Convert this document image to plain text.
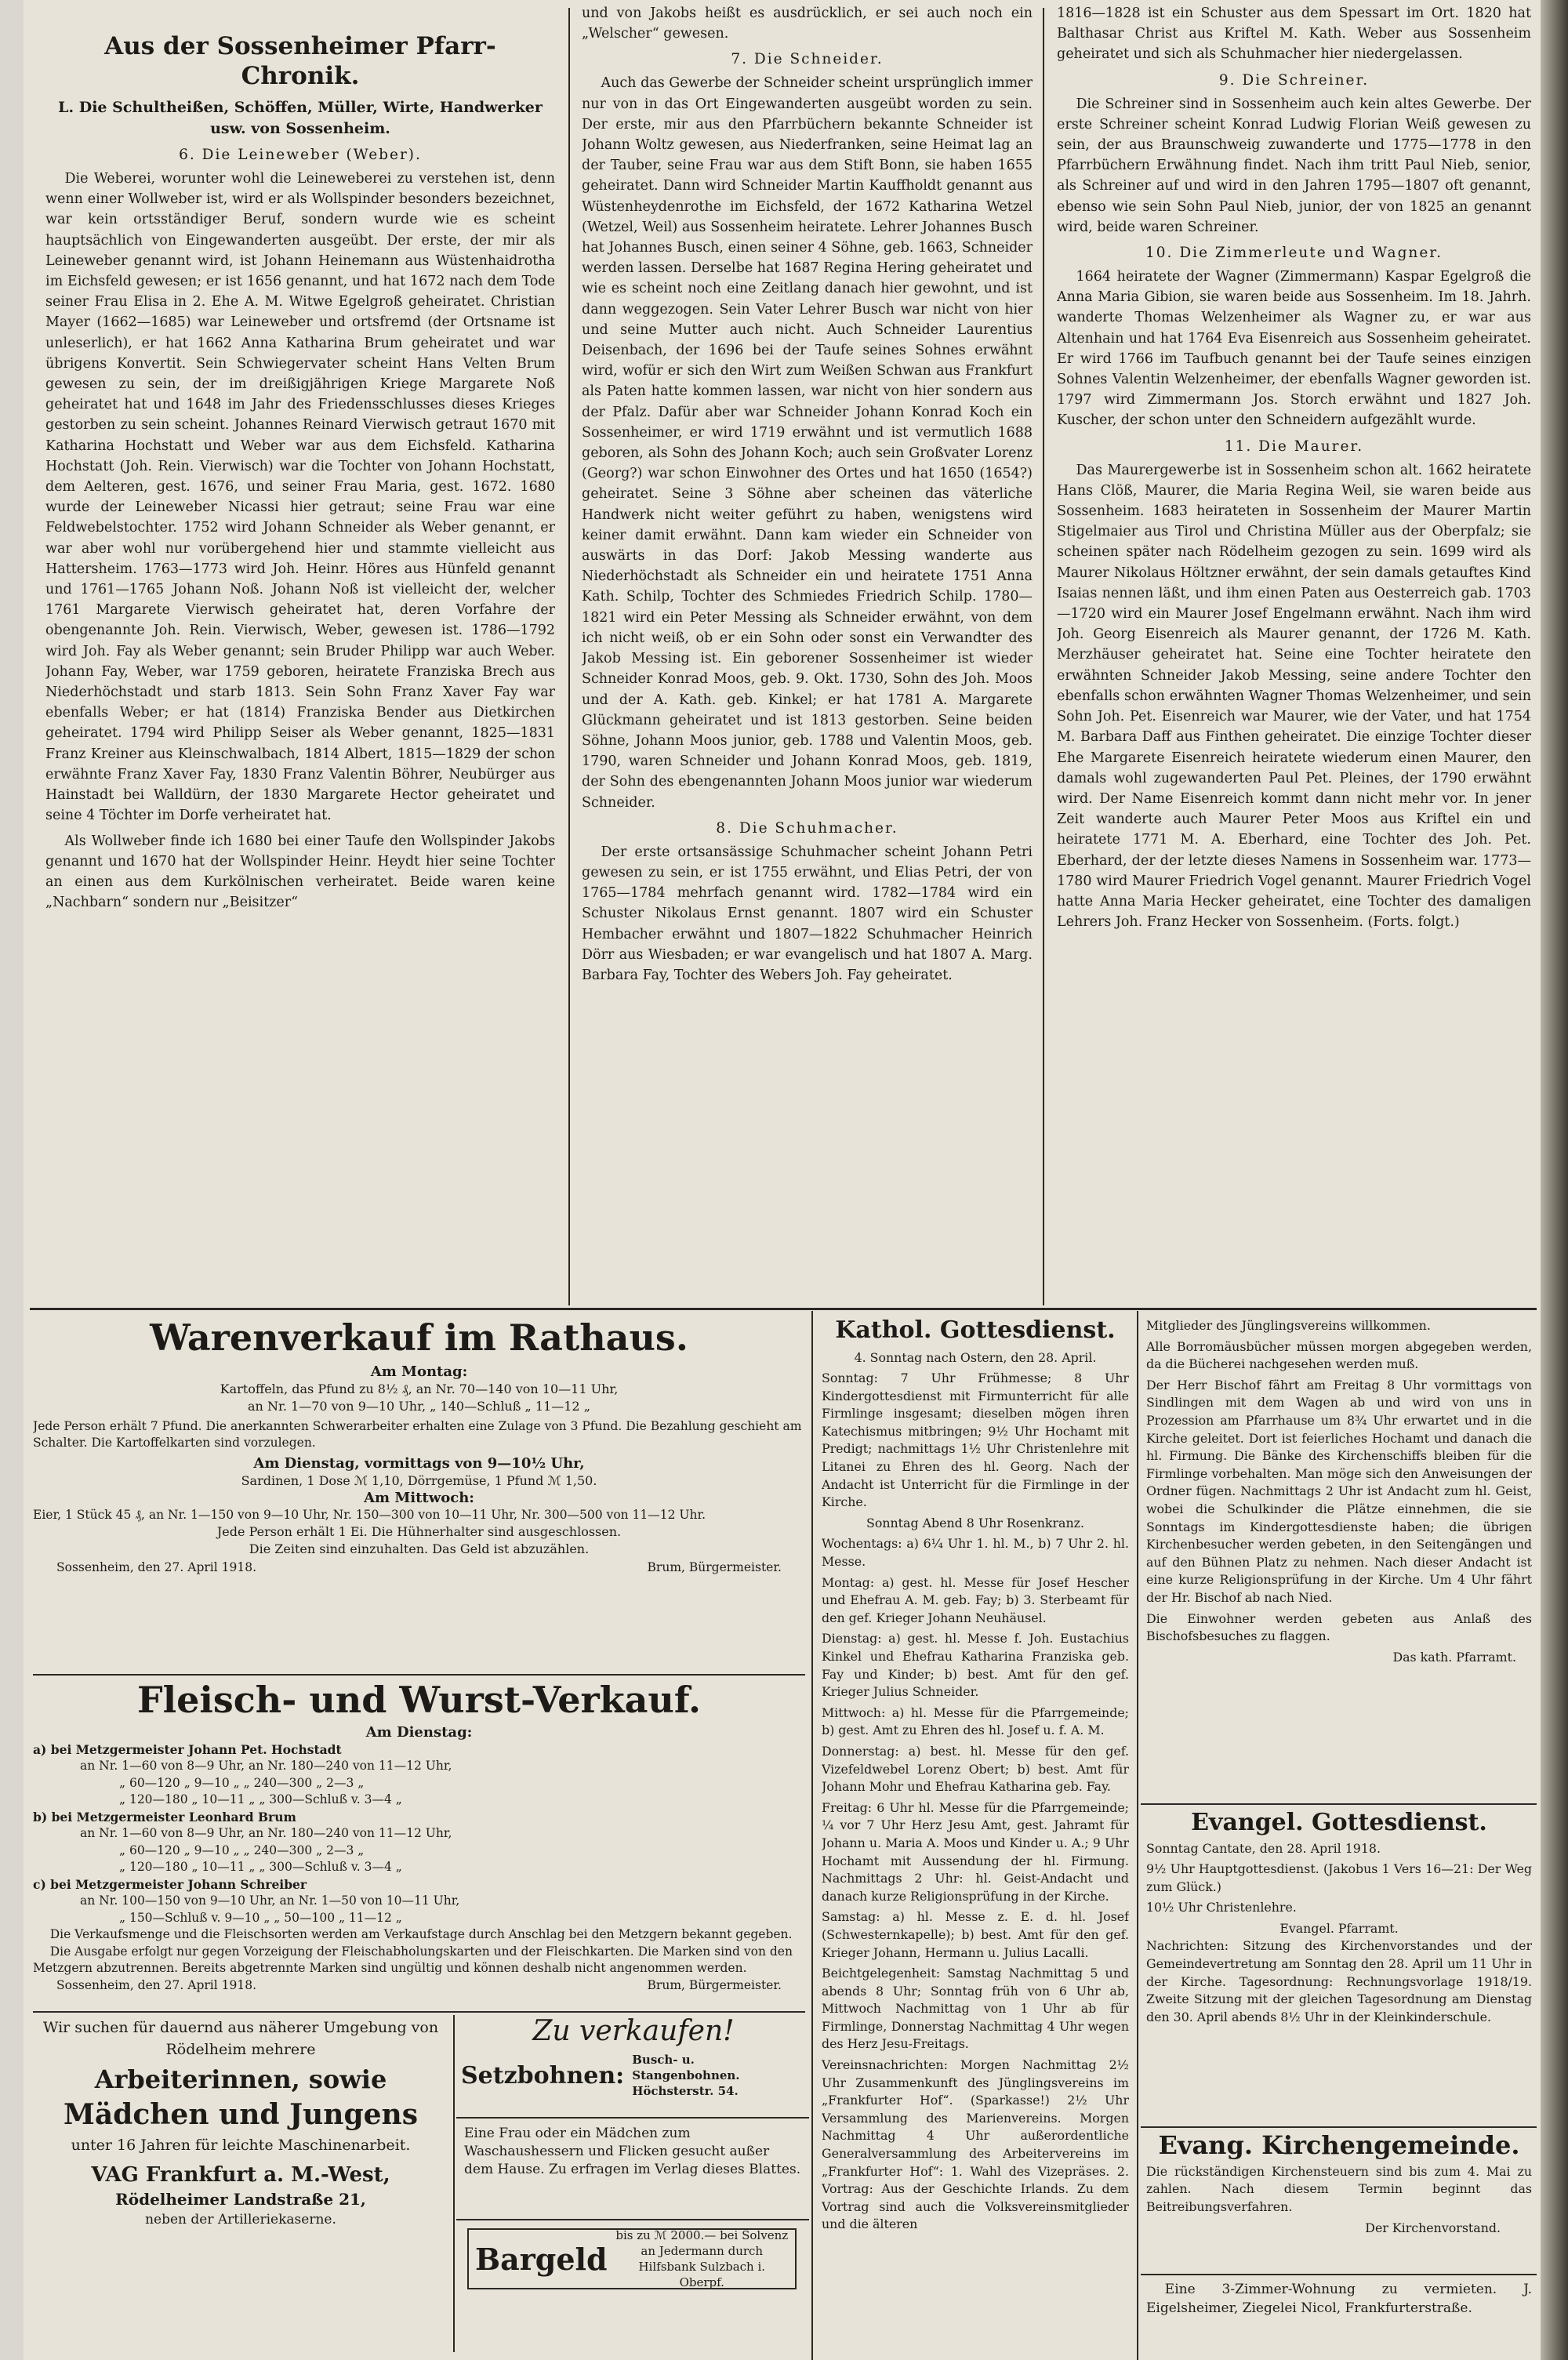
Aus der Sossenheimer Pfarr-Chronik.
L. Die Schultheißen, Schöffen, Müller, Wirte, Handwerker usw. von Sossenheim.
6. Die Leineweber (Weber).

Die Weberei, worunter wohl die Leineweberei zu verstehen ist, denn wenn einer Wollweber ist, wird er als Wollspinder besonders bezeichnet, war kein ortsständiger Beruf, sondern wurde wie es scheint hauptsächlich von Eingewanderten ausgeübt. Der erste, der mir als Leineweber genannt wird, ist Johann Heinemann aus Wüstenhaidrotha im Eichsfeld gewesen; er ist 1656 genannt, und hat 1672 nach dem Tode seiner Frau Elisa in 2. Ehe A. M. Witwe Egelgroß geheiratet. Christian Mayer (1662—1685) war Leineweber und ortsfremd (der Ortsname ist unleserlich), er hat 1662 Anna Katharina Brum geheiratet und war übrigens Konvertit. Sein Schwiegervater scheint Hans Velten Brum gewesen zu sein, der im dreißigjährigen Kriege Margarete Noß geheiratet hat und 1648 im Jahr des Friedensschlusses dieses Krieges gestorben zu sein scheint. Johannes Reinard Vierwisch getraut 1670 mit Katharina Hochstatt und Weber war aus dem Eichsfeld. Katharina Hochstatt (Joh. Rein. Vierwisch) war die Tochter von Johann Hochstatt, dem Aelteren, gest. 1676, und seiner Frau Maria, gest. 1672. 1680 wurde der Leineweber Nicassi hier getraut; seine Frau war eine Feldwebelstochter. 1752 wird Johann Schneider als Weber genannt, er war aber wohl nur vorübergehend hier und stammte vielleicht aus Hattersheim. 1763—1773 wird Joh. Heinr. Höres aus Hünfeld genannt und 1761—1765 Johann Noß. Johann Noß ist vielleicht der, welcher 1761 Margarete Vierwisch geheiratet hat, deren Vorfahre der obengenannte Joh. Rein. Vierwisch, Weber, gewesen ist. 1786—1792 wird Joh. Fay als Weber genannt; sein Bruder Philipp war auch Weber. Johann Fay, Weber, war 1759 geboren, heiratete Franziska Brech aus Niederhöchstadt und starb 1813. Sein Sohn Franz Xaver Fay war ebenfalls Weber; er hat (1814) Franziska Bender aus Dietkirchen geheiratet. 1794 wird Philipp Seiser als Weber genannt, 1825—1831 Franz Kreiner aus Kleinschwalbach, 1814 Albert, 1815—1829 der schon erwähnte Franz Xaver Fay, 1830 Franz Valentin Böhrer, Neubürger aus Hainstadt bei Walldürn, der 1830 Margarete Hector geheiratet und seine 4 Töchter im Dorfe verheiratet hat.

Als Wollweber finde ich 1680 bei einer Taufe den Wollspinder Jakobs genannt und 1670 hat der Wollspinder Heinr. Heydt hier seine Tochter an einen aus dem Kurkölnischen verheiratet. Beide waren keine „Nachbarn“ sondern nur „Beisitzer“

und von Jakobs heißt es ausdrücklich, er sei auch noch ein „Welscher“ gewesen.

7. Die Schneider.

Auch das Gewerbe der Schneider scheint ursprünglich immer nur von in das Ort Eingewanderten ausgeübt worden zu sein. Der erste, mir aus den Pfarrbüchern bekannte Schneider ist Johann Woltz gewesen, aus Niederfranken, seine Heimat lag an der Tauber, seine Frau war aus dem Stift Bonn, sie haben 1655 geheiratet. Dann wird Schneider Martin Kauffholdt genannt aus Wüstenheydenrothe im Eichsfeld, der 1672 Katharina Wetzel (Wetzel, Weil) aus Sossenheim heiratete. Lehrer Johannes Busch hat Johannes Busch, einen seiner 4 Söhne, geb. 1663, Schneider werden lassen. Derselbe hat 1687 Regina Hering geheiratet und wie es scheint noch eine Zeitlang danach hier gewohnt, und ist dann weggezogen. Sein Vater Lehrer Busch war nicht von hier und seine Mutter auch nicht. Auch Schneider Laurentius Deisenbach, der 1696 bei der Taufe seines Sohnes erwähnt wird, wofür er sich den Wirt zum Weißen Schwan aus Frankfurt als Paten hatte kommen lassen, war nicht von hier sondern aus der Pfalz. Dafür aber war Schneider Johann Konrad Koch ein Sossenheimer, er wird 1719 erwähnt und ist vermutlich 1688 geboren, als Sohn des Johann Koch; auch sein Großvater Lorenz (Georg?) war schon Einwohner des Ortes und hat 1650 (1654?) geheiratet. Seine 3 Söhne aber scheinen das väterliche Handwerk nicht weiter geführt zu haben, wenigstens wird keiner damit erwähnt. Dann kam wieder ein Schneider von auswärts in das Dorf: Jakob Messing wanderte aus Niederhöchstadt als Schneider ein und heiratete 1751 Anna Kath. Schilp, Tochter des Schmiedes Friedrich Schilp. 1780—1821 wird ein Peter Messing als Schneider erwähnt, von dem ich nicht weiß, ob er ein Sohn oder sonst ein Verwandter des Jakob Messing ist. Ein geborener Sossenheimer ist wieder Schneider Konrad Moos, geb. 9. Okt. 1730, Sohn des Joh. Moos und der A. Kath. geb. Kinkel; er hat 1781 A. Margarete Glückmann geheiratet und ist 1813 gestorben. Seine beiden Söhne, Johann Moos junior, geb. 1788 und Valentin Moos, geb. 1790, waren Schneider und Johann Konrad Moos, geb. 1819, der Sohn des ebengenannten Johann Moos junior war wiederum Schneider.

8. Die Schuhmacher.

Der erste ortsansässige Schuhmacher scheint Johann Petri gewesen zu sein, er ist 1755 erwähnt, und Elias Petri, der von 1765—1784 mehrfach genannt wird. 1782—1784 wird ein Schuster Nikolaus Ernst genannt. 1807 wird ein Schuster Hembacher erwähnt und 1807—1822 Schuhmacher Heinrich Dörr aus Wiesbaden; er war evangelisch und hat 1807 A. Marg. Barbara Fay, Tochter des Webers Joh. Fay geheiratet.

1816—1828 ist ein Schuster aus dem Spessart im Ort. 1820 hat Balthasar Christ aus Kriftel M. Kath. Weber aus Sossenheim geheiratet und sich als Schuhmacher hier niedergelassen.

9. Die Schreiner.

Die Schreiner sind in Sossenheim auch kein altes Gewerbe. Der erste Schreiner scheint Konrad Ludwig Florian Weiß gewesen zu sein, der aus Braunschweig zuwanderte und 1775—1778 in den Pfarrbüchern Erwähnung findet. Nach ihm tritt Paul Nieb, senior, als Schreiner auf und wird in den Jahren 1795—1807 oft genannt, ebenso wie sein Sohn Paul Nieb, junior, der von 1825 an genannt wird, beide waren Schreiner.

10. Die Zimmerleute und Wagner.

1664 heiratete der Wagner (Zimmermann) Kaspar Egelgroß die Anna Maria Gibion, sie waren beide aus Sossenheim. Im 18. Jahrh. wanderte Thomas Welzenheimer als Wagner zu, er war aus Altenhain und hat 1764 Eva Eisenreich aus Sossenheim geheiratet. Er wird 1766 im Taufbuch genannt bei der Taufe seines einzigen Sohnes Valentin Welzenheimer, der ebenfalls Wagner geworden ist. 1797 wird Zimmermann Jos. Storch erwähnt und 1827 Joh. Kuscher, der schon unter den Schneidern aufgezählt wurde.

11. Die Maurer.

Das Maurergewerbe ist in Sossenheim schon alt. 1662 heiratete Hans Clöß, Maurer, die Maria Regina Weil, sie waren beide aus Sossenheim. 1683 heirateten in Sossenheim der Maurer Martin Stigelmaier aus Tirol und Christina Müller aus der Oberpfalz; sie scheinen später nach Rödelheim gezogen zu sein. 1699 wird als Maurer Nikolaus Höltzner erwähnt, der sein damals getauftes Kind Isaias nennen läßt, und ihm einen Paten aus Oesterreich gab. 1703—1720 wird ein Maurer Josef Engelmann erwähnt. Nach ihm wird Joh. Georg Eisenreich als Maurer genannt, der 1726 M. Kath. Merzhäuser geheiratet hat. Seine eine Tochter heiratete den erwähnten Schneider Jakob Messing, seine andere Tochter den ebenfalls schon erwähnten Wagner Thomas Welzenheimer, und sein Sohn Joh. Pet. Eisenreich war Maurer, wie der Vater, und hat 1754 M. Barbara Daff aus Finthen geheiratet. Die einzige Tochter dieser Ehe Margarete Eisenreich heiratete wiederum einen Maurer, den damals wohl zugewanderten Paul Pet. Pleines, der 1790 erwähnt wird. Der Name Eisenreich kommt dann nicht mehr vor. In jener Zeit wanderte auch Maurer Peter Moos aus Kriftel ein und heiratete 1771 M. A. Eberhard, eine Tochter des Joh. Pet. Eberhard, der der letzte dieses Namens in Sossenheim war. 1773—1780 wird Maurer Friedrich Vogel genannt. Maurer Friedrich Vogel hatte Anna Maria Hecker geheiratet, eine Tochter des damaligen Lehrers Joh. Franz Hecker von Sossenheim. (Forts. folgt.)

Warenverkauf im Rathaus.
Am Montag:
Kartoffeln, das Pfund zu 8½ ₰, an Nr. 70—140 von 10—11 Uhr,
an Nr. 1—70 von 9—10 Uhr, „ 140—Schluß „ 11—12 „
Jede Person erhält 7 Pfund. Die anerkannten Schwerarbeiter erhalten eine Zulage von 3 Pfund. Die Bezahlung geschieht am Schalter. Die Kartoffelkarten sind vorzulegen.
Am Dienstag, vormittags von 9—10½ Uhr,
Sardinen, 1 Dose ℳ 1,10, Dörrgemüse, 1 Pfund ℳ 1,50.
Am Mittwoch:
Eier, 1 Stück 45 ₰, an Nr. 1—150 von 9—10 Uhr, Nr. 150—300 von 10—11 Uhr, Nr. 300—500 von 11—12 Uhr.
Jede Person erhält 1 Ei. Die Hühnerhalter sind ausgeschlossen.
Die Zeiten sind einzuhalten. Das Geld ist abzuzählen.
Sossenheim, den 27. April 1918.	Brum, Bürgermeister.
Fleisch- und Wurst-Verkauf.
Am Dienstag:
a) bei Metzgermeister Johann Pet. Hochstadt
an Nr. 1—60 von 8—9 Uhr, an Nr. 180—240 von 11—12 Uhr,
„ 60—120 „ 9—10 „ „ 240—300 „ 2—3 „
„ 120—180 „ 10—11 „ „ 300—Schluß v. 3—4 „
b) bei Metzgermeister Leonhard Brum
an Nr. 1—60 von 8—9 Uhr, an Nr. 180—240 von 11—12 Uhr,
„ 60—120 „ 9—10 „ „ 240—300 „ 2—3 „
„ 120—180 „ 10—11 „ „ 300—Schluß v. 3—4 „
c) bei Metzgermeister Johann Schreiber
an Nr. 100—150 von 9—10 Uhr, an Nr. 1—50 von 10—11 Uhr,
„ 150—Schluß v. 9—10 „ „ 50—100 „ 11—12 „
Die Verkaufsmenge und die Fleischsorten werden am Verkaufstage durch Anschlag bei den Metzgern bekannt gegeben.
Die Ausgabe erfolgt nur gegen Vorzeigung der Fleischabholungskarten und der Fleischkarten. Die Marken sind von den Metzgern abzutrennen. Bereits abgetrennte Marken sind ungültig und können deshalb nicht angenommen werden.
Sossenheim, den 27. April 1918.	Brum, Bürgermeister.
Wir suchen für dauernd aus näherer Umgebung von Rödelheim mehrere
Arbeiterinnen, sowie
Mädchen und Jungens
unter 16 Jahren für leichte Maschinenarbeit.
VAG Frankfurt a. M.-West,
Rödelheimer Landstraße 21,
neben der Artilleriekaserne.
Zu verkaufen!
Setzbohnen:
Busch- u. Stangenbohnen. Höchsterstr. 54.
Eine Frau oder ein Mädchen zum Waschaushessern und Flicken gesucht außer dem Hause. Zu erfragen im Verlag dieses Blattes.
Bargeld
bis zu ℳ 2000.— bei Solvenz an Jedermann durch Hilfsbank Sulzbach i. Oberpf.
Kathol. Gottesdienst.

4. Sonntag nach Ostern, den 28. April.

Sonntag: 7 Uhr Frühmesse; 8 Uhr Kindergottesdienst mit Firmunterricht für alle Firmlinge insgesamt; dieselben mögen ihren Katechismus mitbringen; 9½ Uhr Hochamt mit Predigt; nachmittags 1½ Uhr Christenlehre mit Litanei zu Ehren des hl. Georg. Nach der Andacht ist Unterricht für die Firmlinge in der Kirche.

Sonntag Abend 8 Uhr Rosenkranz.

Wochentags: a) 6¼ Uhr 1. hl. M., b) 7 Uhr 2. hl. Messe.

Montag: a) gest. hl. Messe für Josef Hescher und Ehefrau A. M. geb. Fay; b) 3. Sterbeamt für den gef. Krieger Johann Neuhäusel.

Dienstag: a) gest. hl. Messe f. Joh. Eustachius Kinkel und Ehefrau Katharina Franziska geb. Fay und Kinder; b) best. Amt für den gef. Krieger Julius Schneider.

Mittwoch: a) hl. Messe für die Pfarrgemeinde; b) gest. Amt zu Ehren des hl. Josef u. f. A. M.

Donnerstag: a) best. hl. Messe für den gef. Vizefeldwebel Lorenz Obert; b) best. Amt für Johann Mohr und Ehefrau Katharina geb. Fay.

Freitag: 6 Uhr hl. Messe für die Pfarrgemeinde; ¼ vor 7 Uhr Herz Jesu Amt, gest. Jahramt für Johann u. Maria A. Moos und Kinder u. A.; 9 Uhr Hochamt mit Aussendung der hl. Firmung. Nachmittags 2 Uhr: hl. Geist-Andacht und danach kurze Religionsprüfung in der Kirche.

Samstag: a) hl. Messe z. E. d. hl. Josef (Schwesternkapelle); b) best. Amt für den gef. Krieger Johann, Hermann u. Julius Lacalli.

Beichtgelegenheit: Samstag Nachmittag 5 und abends 8 Uhr; Sonntag früh von 6 Uhr ab, Mittwoch Nachmittag von 1 Uhr ab für Firmlinge, Donnerstag Nachmittag 4 Uhr wegen des Herz Jesu-Freitags.

Vereinsnachrichten: Morgen Nachmittag 2½ Uhr Zusammenkunft des Jünglingsvereins im „Frankfurter Hof“. (Sparkasse!) 2½ Uhr Versammlung des Marienvereins. Morgen Nachmittag 4 Uhr außerordentliche Generalversammlung des Arbeitervereins im „Frankfurter Hof“: 1. Wahl des Vizepräses. 2. Vortrag: Aus der Geschichte Irlands. Zu dem Vortrag sind auch die Volksvereinsmitglieder und die älteren

Mitglieder des Jünglingsvereins willkommen.

Alle Borromäusbücher müssen morgen abgegeben werden, da die Bücherei nachgesehen werden muß.

Der Herr Bischof fährt am Freitag 8 Uhr vormittags von Sindlingen mit dem Wagen ab und wird von uns in Prozession am Pfarrhause um 8¾ Uhr erwartet und in die Kirche geleitet. Dort ist feierliches Hochamt und danach die hl. Firmung. Die Bänke des Kirchenschiffs bleiben für die Firmlinge vorbehalten. Man möge sich den Anweisungen der Ordner fügen. Nachmittags 2 Uhr ist Andacht zum hl. Geist, wobei die Schulkinder die Plätze einnehmen, die sie Sonntags im Kindergottesdienste haben; die übrigen Kirchenbesucher werden gebeten, in den Seitengängen und auf den Bühnen Platz zu nehmen. Nach dieser Andacht ist eine kurze Religionsprüfung in der Kirche. Um 4 Uhr fährt der Hr. Bischof ab nach Nied.

Die Einwohner werden gebeten aus Anlaß des Bischofsbesuches zu flaggen.

Das kath. Pfarramt.
Evangel. Gottesdienst.

Sonntag Cantate, den 28. April 1918.

9½ Uhr Hauptgottesdienst. (Jakobus 1 Vers 16—21: Der Weg zum Glück.)

10½ Uhr Christenlehre.

Evangel. Pfarramt.

Nachrichten: Sitzung des Kirchenvorstandes und der Gemeindevertretung am Sonntag den 28. April um 11 Uhr in der Kirche. Tagesordnung: Rechnungsvorlage 1918/19. Zweite Sitzung mit der gleichen Tagesordnung am Dienstag den 30. April abends 8½ Uhr in der Kleinkinderschule.

Evang. Kirchengemeinde.

Die rückständigen Kirchensteuern sind bis zum 4. Mai zu zahlen. Nach diesem Termin beginnt das Beitreibungsverfahren.

Der Kirchenvorstand.

Eine 3-Zimmer-Wohnung zu vermieten. J. Eigelsheimer, Ziegelei Nicol, Frankfurterstraße.
